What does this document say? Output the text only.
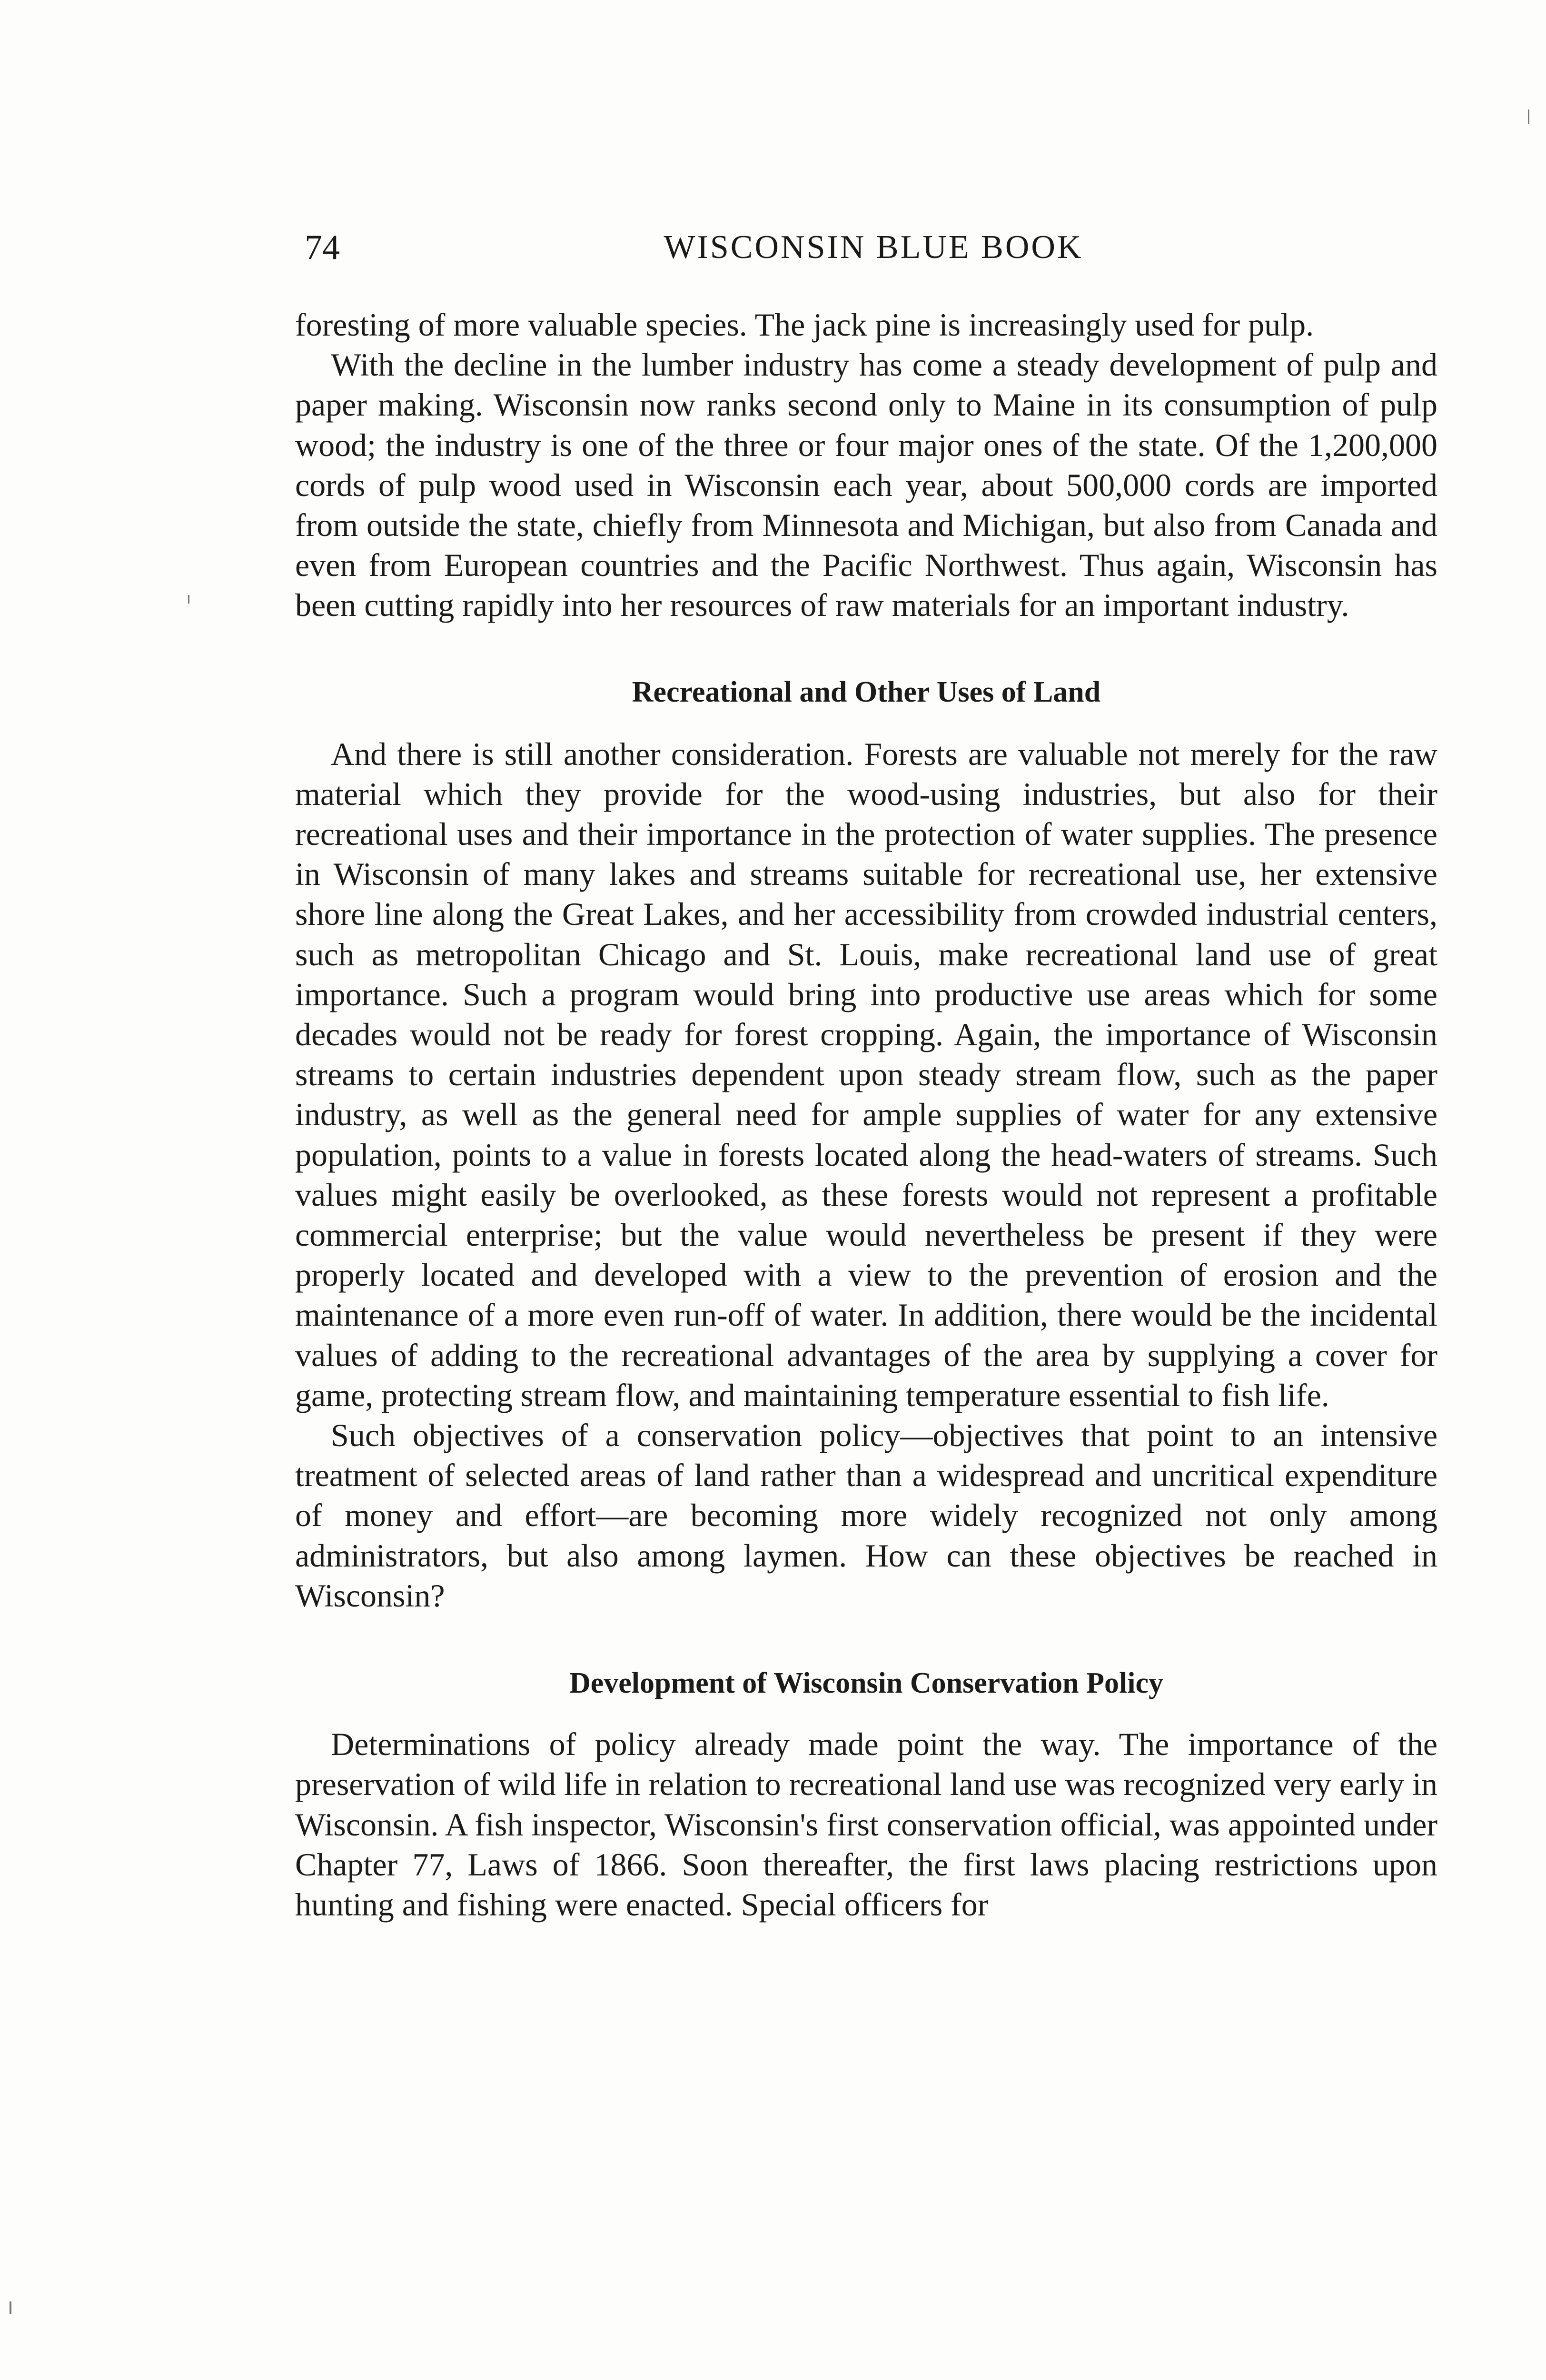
74	WISCONSIN BLUE BOOK

foresting of more valuable species. The jack pine is increasingly used for pulp.

With the decline in the lumber industry has come a steady development of pulp and paper making. Wisconsin now ranks second only to Maine in its consumption of pulp wood; the industry is one of the three or four major ones of the state. Of the 1,200,000 cords of pulp wood used in Wisconsin each year, about 500,000 cords are imported from outside the state, chiefly from Minnesota and Michigan, but also from Canada and even from European countries and the Pacific Northwest. Thus again, Wisconsin has been cutting rapidly into her resources of raw materials for an important industry.

Recreational and Other Uses of Land

And there is still another consideration. Forests are valuable not merely for the raw material which they provide for the wood-using industries, but also for their recreational uses and their importance in the protection of water supplies. The presence in Wisconsin of many lakes and streams suitable for recreational use, her extensive shore line along the Great Lakes, and her accessibility from crowded industrial centers, such as metropolitan Chicago and St. Louis, make recreational land use of great importance. Such a program would bring into productive use areas which for some decades would not be ready for forest cropping. Again, the importance of Wisconsin streams to certain industries dependent upon steady stream flow, such as the paper industry, as well as the general need for ample supplies of water for any extensive population, points to a value in forests located along the head-waters of streams. Such values might easily be overlooked, as these forests would not represent a profitable commercial enterprise; but the value would nevertheless be present if they were properly located and developed with a view to the prevention of erosion and the maintenance of a more even run-off of water. In addition, there would be the incidental values of adding to the recreational advantages of the area by supplying a cover for game, protecting stream flow, and maintaining temperature essential to fish life.

Such objectives of a conservation policy—objectives that point to an intensive treatment of selected areas of land rather than a widespread and uncritical expenditure of money and effort—are becoming more widely recognized not only among administrators, but also among laymen. How can these objectives be reached in Wisconsin?

Development of Wisconsin Conservation Policy

Determinations of policy already made point the way. The importance of the preservation of wild life in relation to recreational land use was recognized very early in Wisconsin. A fish inspector, Wisconsin's first conservation official, was appointed under Chapter 77, Laws of 1866. Soon thereafter, the first laws placing restrictions upon hunting and fishing were enacted. Special officers for
